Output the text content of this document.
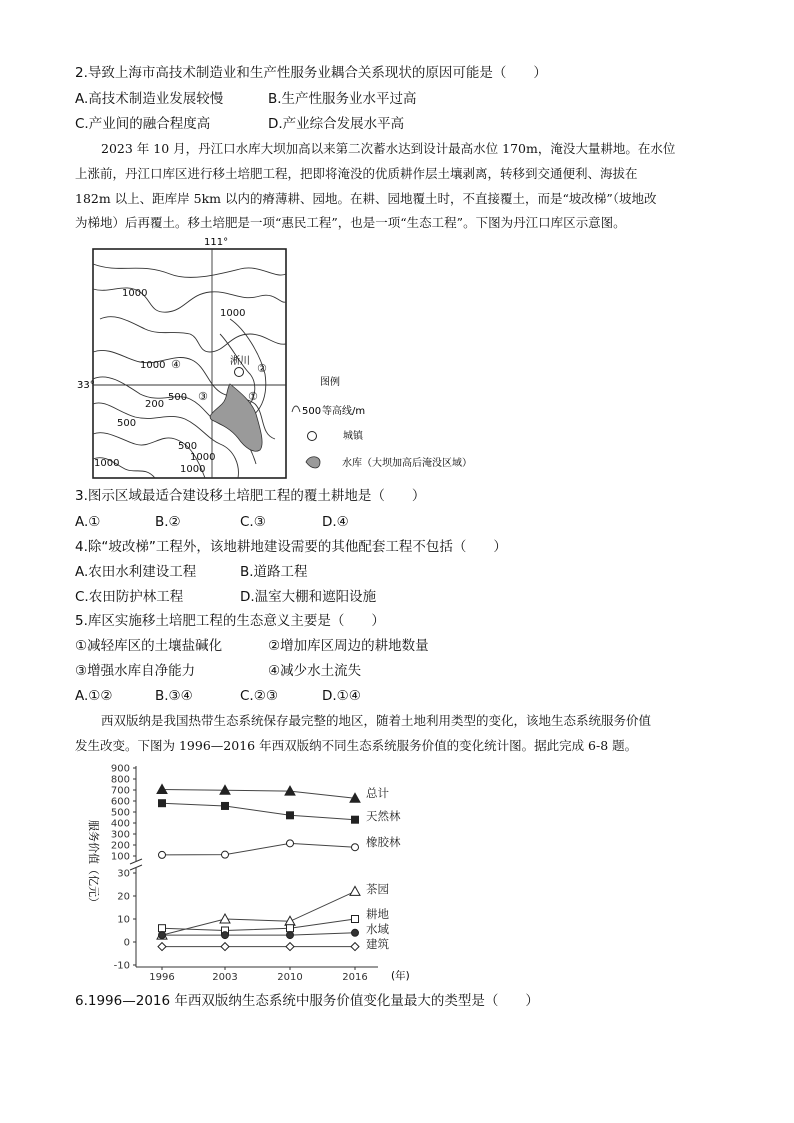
2.导致上海市高技术制造业和生产性服务业耦合关系现状的原因可能是（　　）
A.高技术制造业发展较慢	B.生产性服务业水平过高
C.产业间的融合程度高	D.产业综合发展水平高
2023 年 10 月，丹江口水库大坝加高以来第二次蓄水达到设计最高水位 170m，淹没大量耕地。在水位
上涨前，丹江口库区进行移土培肥工程，把即将淹没的优质耕作层土壤剥离，转移到交通便利、海拔在
182m 以上、距库岸 5km 以内的瘠薄耕、园地。在耕、园地覆土时，不直接覆土，而是“坡改梯”（坡地改
为梯地）后再覆土。移土培肥是一项“惠民工程”，也是一项“生态工程”。下图为丹江口库区示意图。
111°
33°
1000
1000
1000
500
200
500
500
1000
1000
1000
④
③
②
①
淅川
图例
500 等高线/m
城镇
水库（大坝加高后淹没区域）
3.图示区域最适合建设移土培肥工程的覆土耕地是（　　）
A.①	B.②	C.③	D.④
4.除“坡改梯”工程外，该地耕地建设需要的其他配套工程不包括（　　）
A.农田水利建设工程	B.道路工程
C.农田防护林工程	D.温室大棚和遮阳设施
5.库区实施移土培肥工程的生态意义主要是（　　）
①减轻库区的土壤盐碱化	②增加库区周边的耕地数量
③增强水库自净能力	④减少水土流失
A.①②	B.③④	C.②③	D.①④
西双版纳是我国热带生态系统保存最完整的地区，随着土地利用类型的变化，该地生态系统服务价值
发生改变。下图为 1996—2016 年西双版纳不同生态系统服务价值的变化统计图。据此完成 6-8 题。
100
200
300
400
500
600
700
800
900
-10
0
10
20
30
1996	2003	2010	2016
总计
天然林
橡胶林
茶园
耕地
水域
建筑
服务价值（亿元）
(年)
6.1996—2016 年西双版纳生态系统中服务价值变化量最大的类型是（　　）
